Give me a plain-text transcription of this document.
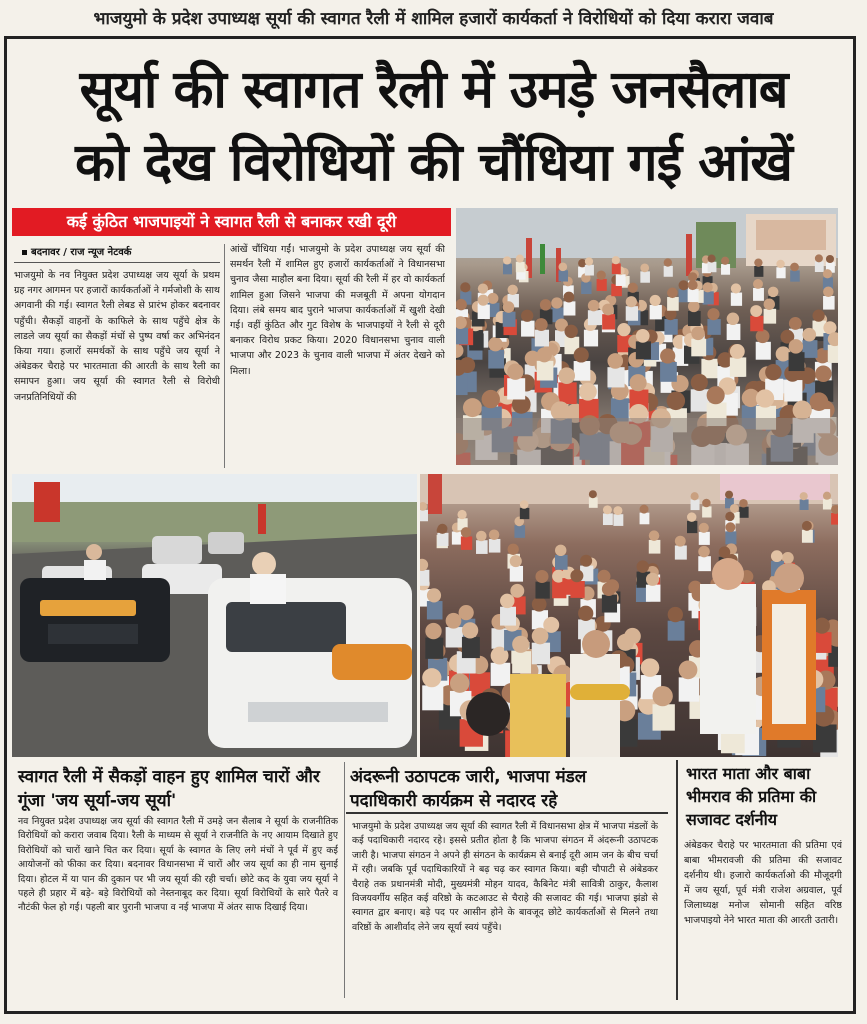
भाजयुमो के प्रदेश उपाध्यक्ष सूर्या की स्वागत रैली में शामिल हजारों कार्यकर्ता ने विरोधियों को दिया करारा जवाब
सूर्या की स्वागत रैली में उमड़े जनसैलाब
को देख विरोधियों की चौंधिया गई आंखें
कई कुंठित भाजपाइयों ने स्वागत रैली से बनाकर रखी दूरी
बदनावर / राज न्यूज नेटवर्क
भाजयुमो के नव नियुक्त प्रदेश उपाध्यक्ष जय सूर्या के प्रथम ग्रह नगर आगमन पर हजारों कार्यकर्ताओं ने गर्मजोशी के साथ अगवानी की गई। स्वागत रैली लेबड से प्रारंभ होकर बदनावर पहुँची। सैकड़ों वाहनों के काफिले के साथ पहुँचे क्षेत्र के लाडले जय सूर्या का सैकड़ों मंचों से पुष्प वर्षा कर अभिनंदन किया गया। हजारों समर्थकों के साथ पहुँचे जय सूर्या ने अंबेडकर चैराहे पर भारतमाता की आरती के साथ रैली का समापन हुआ। जय सूर्या की स्वागत रैली से विरोधी जनप्रतिनिधियों की
आंखें चौंधिया गईं। भाजयुमो के प्रदेश उपाध्यक्ष जय सूर्या की समर्थन रैली में शामिल हुए हजारों कार्यकर्ताओं ने विधानसभा चुनाव जैसा माहौल बना दिया। सूर्या की रैली में हर वो कार्यकर्ता शामिल हुआ जिसने भाजपा की मजबूती में अपना योगदान दिया। लंबे समय बाद पुराने भाजपा कार्यकर्ताओं में खुशी देखी गई। वहीं कुंठित और गुट विशेष के भाजपाइयों ने रैली से दूरी बनाकर विरोध प्रकट किया। 2020 विधानसभा चुनाव वाली भाजपा और 2023 के चुनाव वाली भाजपा में अंतर देखने को मिला।
स्वागत रैली में सैकड़ों वाहन हुए शामिल चारों और गूंजा 'जय सूर्या-जय सूर्या'
नव नियुक्त प्रदेश उपाध्यक्ष जय सूर्या की स्वागत रैली में उमड़े जन सैलाब ने सूर्या के राजनीतिक विरोधियों को करारा जवाब दिया। रैली के माध्यम से सूर्या ने राजनीति के नए आयाम दिखाते हुए विरोधियों को चारों खाने चित कर दिया। सूर्या के स्वागत के लिए लगे मंचों ने पूर्व में हुए कई आयोजनों को फीका कर दिया। बदनावर विधानसभा में चारों और जय सूर्या का ही नाम सुनाई दिया। होटल में या पान की दुकान पर भी जय सूर्या की रही चर्चा। छोटे कद के युवा जय सूर्या ने पहले ही प्रहार में बड़े- बड़े विरोधियों को नेस्तनाबूद कर दिया। सूर्या विरोधियों के सारे पैतरे व नौटंकी फेल हो गई। पहली बार पुरानी भाजपा व नई भाजपा में अंतर साफ दिखाई दिया।
अंदरूनी उठापटक जारी, भाजपा मंडल पदाधिकारी कार्यक्रम से नदारद रहे
भाजयुमो के प्रदेश उपाध्यक्ष जय सूर्या की स्वागत रैली में विधानसभा क्षेत्र में भाजपा मंडलों के कई पदाधिकारी नदारद रहे। इससे प्रतीत होता है कि भाजपा संगठन में अंदरूनी उठापटक जारी है। भाजपा संगठन ने अपने ही संगठन के कार्यक्रम से बनाई दूरी आम जन के बीच चर्चा में रही। जबकि पूर्व पदाधिकारियों ने बढ़ चढ़ कर स्वागत किया। बड़ी चौपाटी से अंबेडकर चैराहे तक प्रधानमंत्री मोदी, मुख्यमंत्री मोहन यादव, कैबिनेट मंत्री सावित्री ठाकुर, कैलाश विजयवर्गीय सहित कई वरिष्ठो के कटआउट से चैराहे की सजावट की गई। भाजपा झंडो से स्वागत द्वार बनाए। बड़े पद पर आसीन होने के बावजूद छोटे कार्यकर्ताओं से मिलने तथा वरिष्ठों के आशीर्वाद लेने जय सूर्या स्वयं पहुँचे।
भारत माता और बाबा भीमराव की प्रतिमा की सजावट दर्शनीय
अंबेडकर चैराहे पर भारतमाता की प्रतिमा एवं बाबा भीमरावजी की प्रतिमा की सजावट दर्शनीय थी। हजारो कार्यकर्ताओ की मौजूदगी में जय सूर्या, पूर्व मंत्री राजेश अग्रवाल, पूर्व जिलाध्यक्ष मनोज सोमानी सहित वरिष्ठ भाजपाइयो नेने भारत माता की आरती उतारी।
